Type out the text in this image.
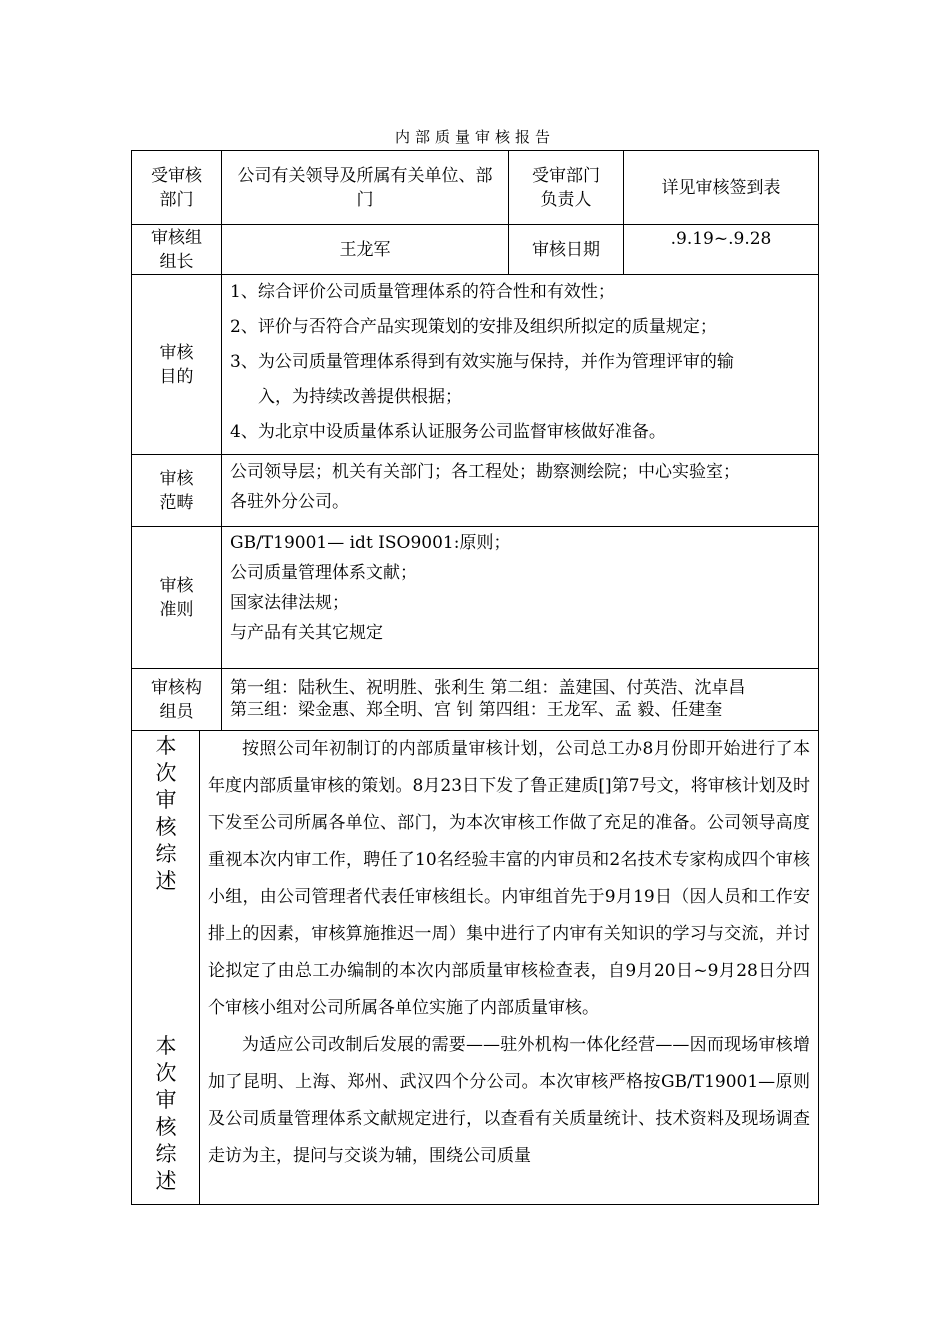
内部质量审核报告
受审核部门
公司有关领导及所属有关单位、部门
受审部门负责人
详见审核签到表
审核组组长
王龙军	审核日期
.9.19~.9.28
审核目的

1、综合评价公司质量管理体系的符合性和有效性；

2、评价与否符合产品实现策划的安排及组织所拟定的质量规定；

3、为公司质量管理体系得到有效实施与保持，并作为管理评审的输

入，为持续改善提供根据；

4、为北京中设质量体系认证服务公司监督审核做好准备。

审核范畴

公司领导层；机关有关部门；各工程处；勘察测绘院；中心实验室；

各驻外分公司。

审核准则

GB/T19001— idt ISO9001:原则；

公司质量管理体系文献；

国家法律法规；

与产品有关其它规定

审核构组员

第一组：陆秋生、祝明胜、张利生 第二组：盖建国、付英浩、沈卓昌

第三组：梁金惠、郑全明、宫 钊 第四组：王龙军、孟 毅、任建奎

本
次
审
核
综
述
本
次
审
核
综
述

按照公司年初制订的内部质量审核计划，公司总工办8月份即开始进行了本年度内部质量审核的策划。8月23日下发了鲁正建质[]第7号文，将审核计划及时下发至公司所属各单位、部门，为本次审核工作做了充足的准备。公司领导高度重视本次内审工作，聘任了10名经验丰富的内审员和2名技术专家构成四个审核小组，由公司管理者代表任审核组长。内审组首先于9月19日（因人员和工作安排上的因素，审核算施推迟一周）集中进行了内审有关知识的学习与交流，并讨论拟定了由总工办编制的本次内部质量审核检查表，自9月20日~9月28日分四个审核小组对公司所属各单位实施了内部质量审核。

为适应公司改制后发展的需要——驻外机构一体化经营——因而现场审核增加了昆明、上海、郑州、武汉四个分公司。本次审核严格按GB/T19001—原则及公司质量管理体系文献规定进行，以查看有关质量统计、技术资料及现场调查走访为主，提问与交谈为辅，围绕公司质量
